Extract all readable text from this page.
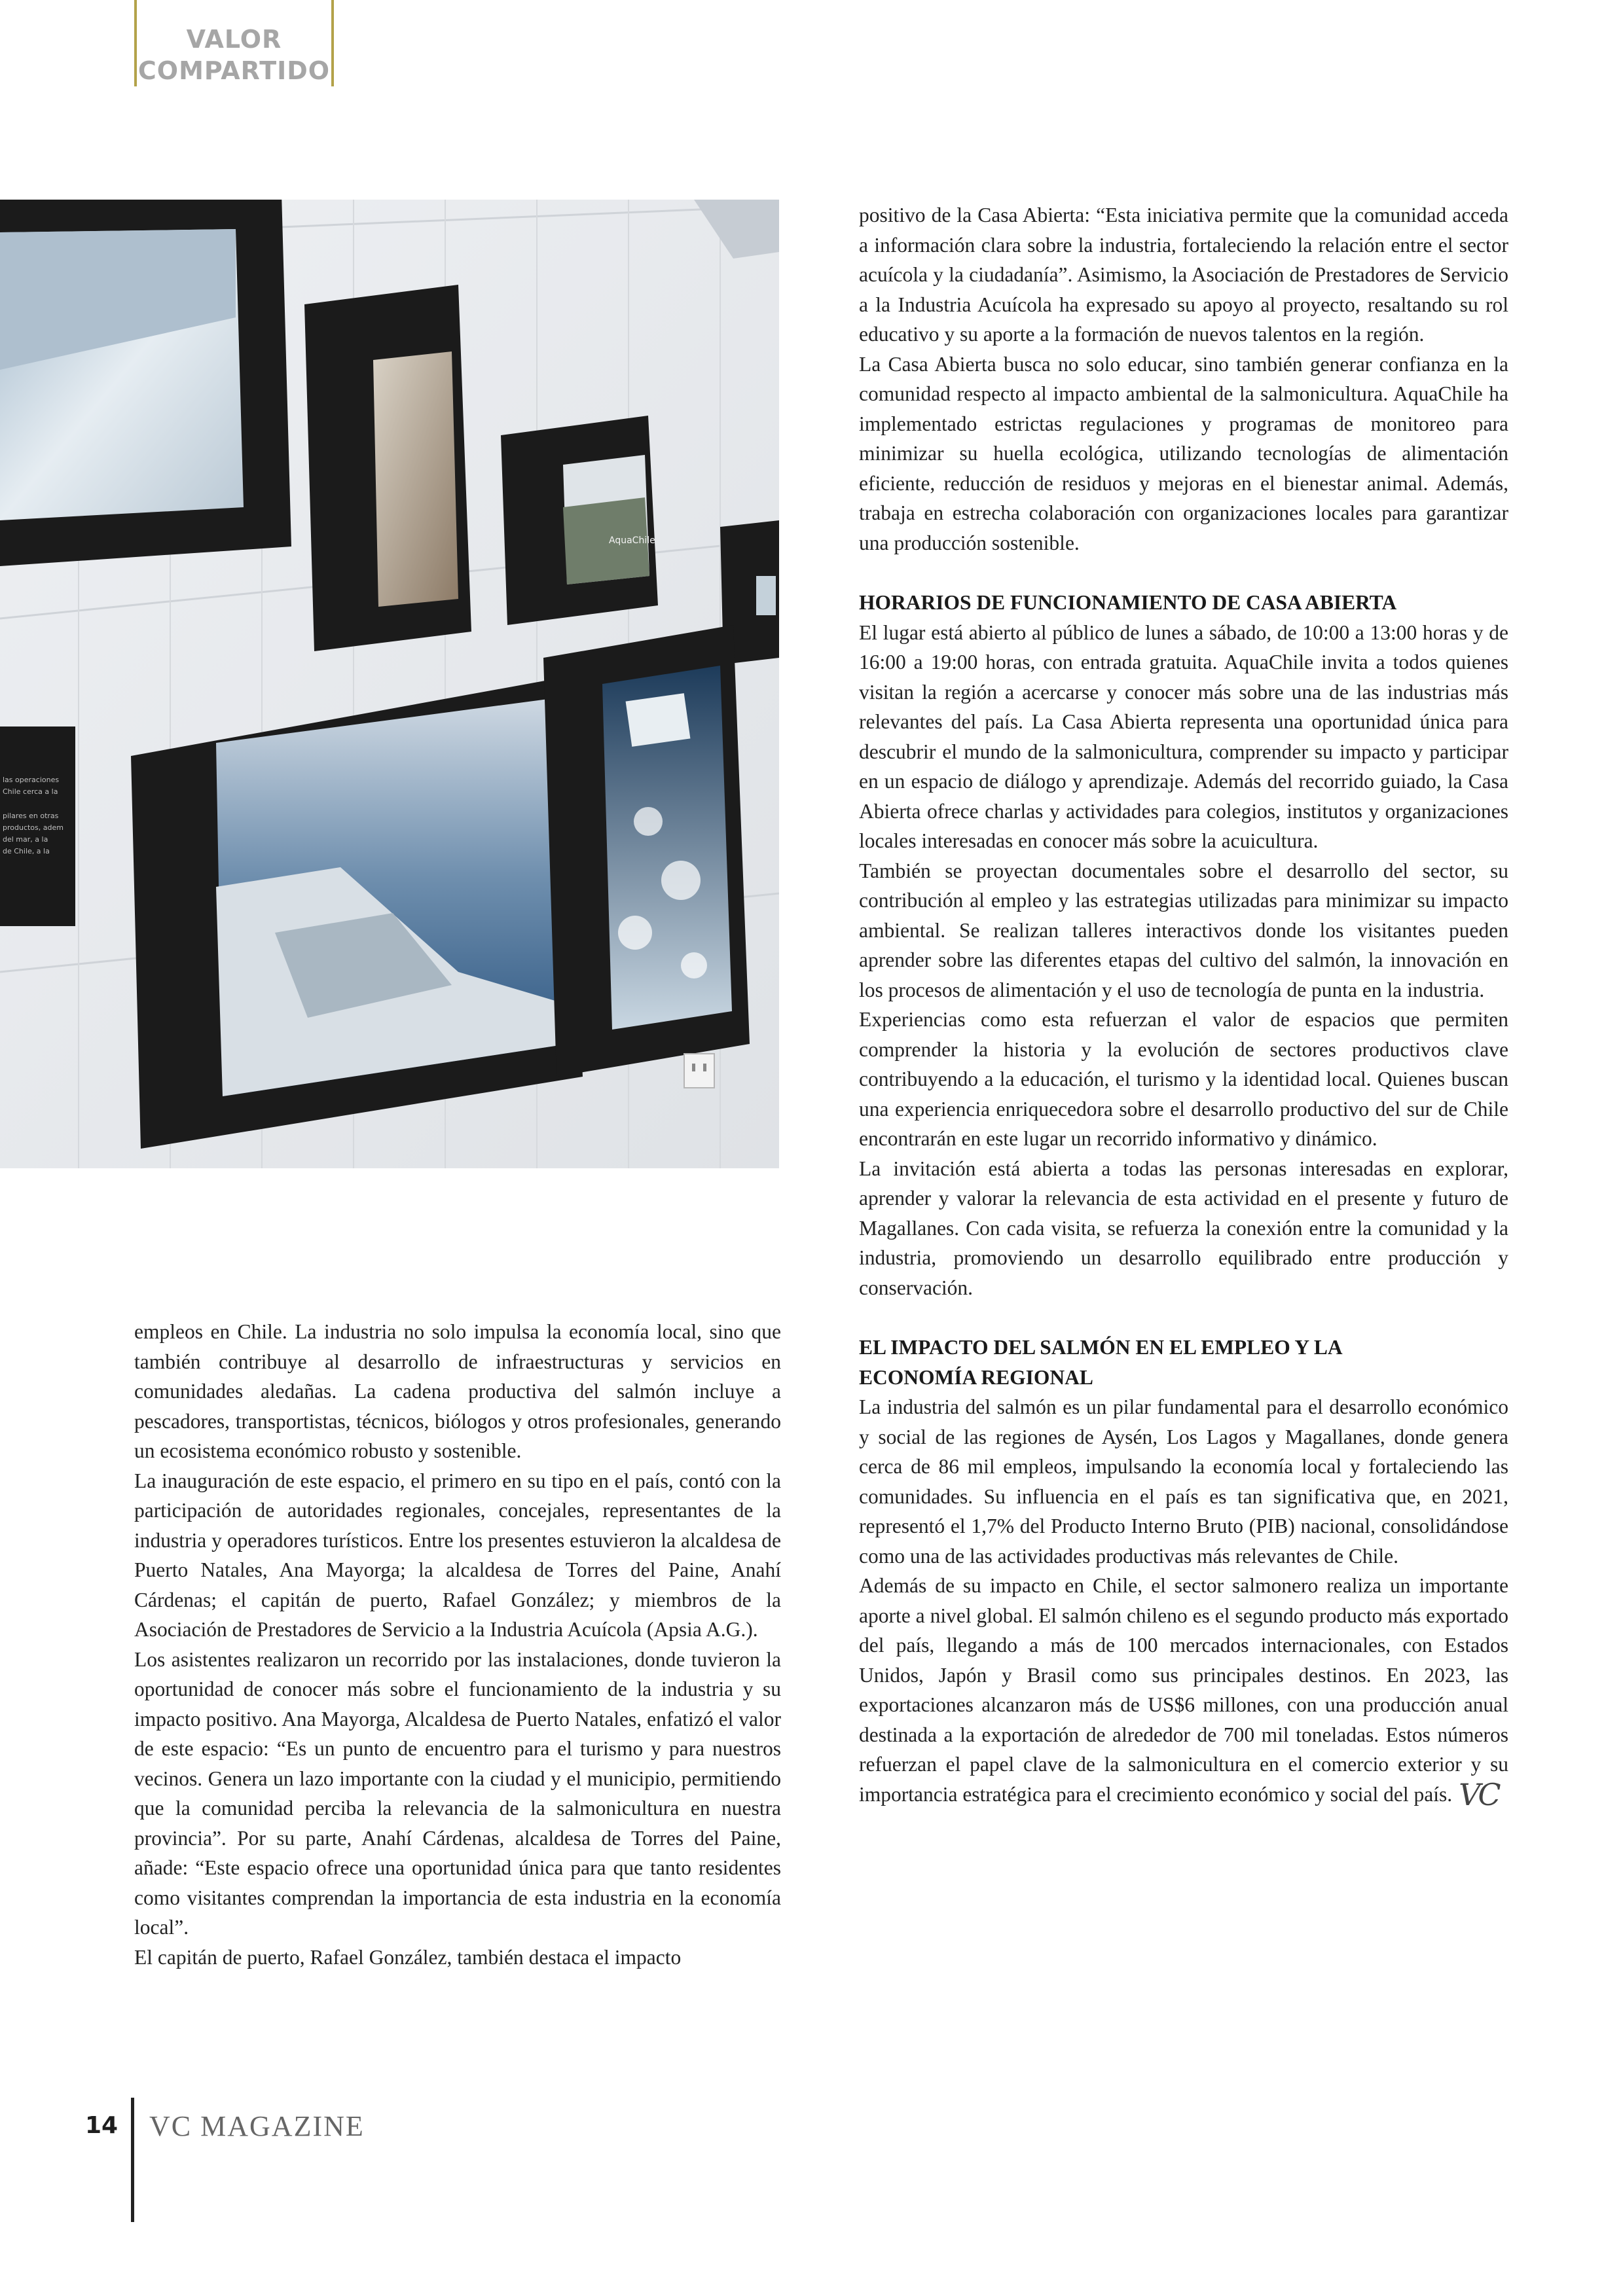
VALOR
COMPARTIDO
AquaChile
las operaciones
Chile cerca a la
pilares en otras
productos, adem
del mar, a la
de Chile, a la

empleos en Chile. La industria no solo impulsa la economía local, sino que también contribuye al desarrollo de infraestructuras y servicios en comunidades aledañas. La cadena productiva del salmón incluye a pescadores, transportistas, técnicos, biólogos y otros profesionales, generando un ecosistema económico robusto y sostenible.

La inauguración de este espacio, el primero en su tipo en el país, contó con la participación de autoridades regionales, concejales, representantes de la industria y operadores turísticos. Entre los presentes estuvieron la alcaldesa de Puerto Natales, Ana Mayorga; la alcaldesa de Torres del Paine, Anahí Cárdenas; el capitán de puerto, Rafael González; y miembros de la Asociación de Prestadores de Servicio a la Industria Acuícola (Apsia A.G.).

Los asistentes realizaron un recorrido por las instalaciones, donde tuvieron la oportunidad de conocer más sobre el funcionamiento de la industria y su impacto positivo. Ana Mayorga, Alcaldesa de Puerto Natales, enfatizó el valor de este espacio: “Es un punto de encuentro para el turismo y para nuestros vecinos. Genera un lazo importante con la ciudad y el municipio, permitiendo que la comunidad perciba la relevancia de la salmonicultura en nuestra provincia”. Por su parte, Anahí Cárdenas, alcaldesa de Torres del Paine, añade: “Este espacio ofrece una oportunidad única para que tanto residentes como visitantes comprendan la importancia de esta industria en la economía local”.

El capitán de puerto, Rafael González, también destaca el impacto

positivo de la Casa Abierta: “Esta iniciativa permite que la comunidad acceda a información clara sobre la industria, fortaleciendo la relación entre el sector acuícola y la ciudadanía”. Asimismo, la Asociación de Prestadores de Servicio a la Industria Acuícola ha expresado su apoyo al proyecto, resaltando su rol educativo y su aporte a la formación de nuevos talentos en la región.

La Casa Abierta busca no solo educar, sino también generar confianza en la comunidad respecto al impacto ambiental de la salmonicultura. AquaChile ha implementado estrictas regulaciones y programas de monitoreo para minimizar su huella ecológica, utilizando tecnologías de alimentación eficiente, reducción de residuos y mejoras en el bienestar animal. Además, trabaja en estrecha colaboración con organizaciones locales para garantizar una producción sostenible.

HORARIOS DE FUNCIONAMIENTO DE CASA ABIERTA

El lugar está abierto al público de lunes a sábado, de 10:00 a 13:00 horas y de 16:00 a 19:00 horas, con entrada gratuita. AquaChile invita a todos quienes visitan la región a acercarse y conocer más sobre una de las industrias más relevantes del país. La Casa Abierta representa una oportunidad única para descubrir el mundo de la salmonicultura, comprender su impacto y participar en un espacio de diálogo y aprendizaje. Además del recorrido guiado, la Casa Abierta ofrece charlas y actividades para colegios, institutos y organizaciones locales interesadas en conocer más sobre la acuicultura.

También se proyectan documentales sobre el desarrollo del sector, su contribución al empleo y las estrategias utilizadas para minimizar su impacto ambiental. Se realizan talleres interactivos donde los visitantes pueden aprender sobre las diferentes etapas del cultivo del salmón, la innovación en los procesos de alimentación y el uso de tecnología de punta en la industria.

Experiencias como esta refuerzan el valor de espacios que permiten comprender la historia y la evolución de sectores productivos clave contribuyendo a la educación, el turismo y la identidad local. Quienes buscan una experiencia enriquecedora sobre el desarrollo productivo del sur de Chile encontrarán en este lugar un recorrido informativo y dinámico.

La invitación está abierta a todas las personas interesadas en explorar, aprender y valorar la relevancia de esta actividad en el presente y futuro de Magallanes. Con cada visita, se refuerza la conexión entre la comunidad y la industria, promoviendo un desarrollo equilibrado entre producción y conservación.

EL IMPACTO DEL SALMÓN EN EL EMPLEO Y LA
ECONOMÍA REGIONAL

La industria del salmón es un pilar fundamental para el desarrollo económico y social de las regiones de Aysén, Los Lagos y Magallanes, donde genera cerca de 86 mil empleos, impulsando la economía local y fortaleciendo las comunidades. Su influencia en el país es tan significativa que, en 2021, representó el 1,7% del Producto Interno Bruto (PIB) nacional, consolidándose como una de las actividades productivas más relevantes de Chile.

Además de su impacto en Chile, el sector salmonero realiza un importante aporte a nivel global. El salmón chileno es el segundo producto más exportado del país, llegando a más de 100 mercados internacionales, con Estados Unidos, Japón y Brasil como sus principales destinos. En 2023, las exportaciones alcanzaron más de US$6 millones, con una producción anual destinada a la exportación de alrededor de 700 mil toneladas. Estos números refuerzan el papel clave de la salmonicultura en el comercio exterior y su importancia estratégica para el crecimiento económico y social del país. VC

14 VC MAGAZINE
